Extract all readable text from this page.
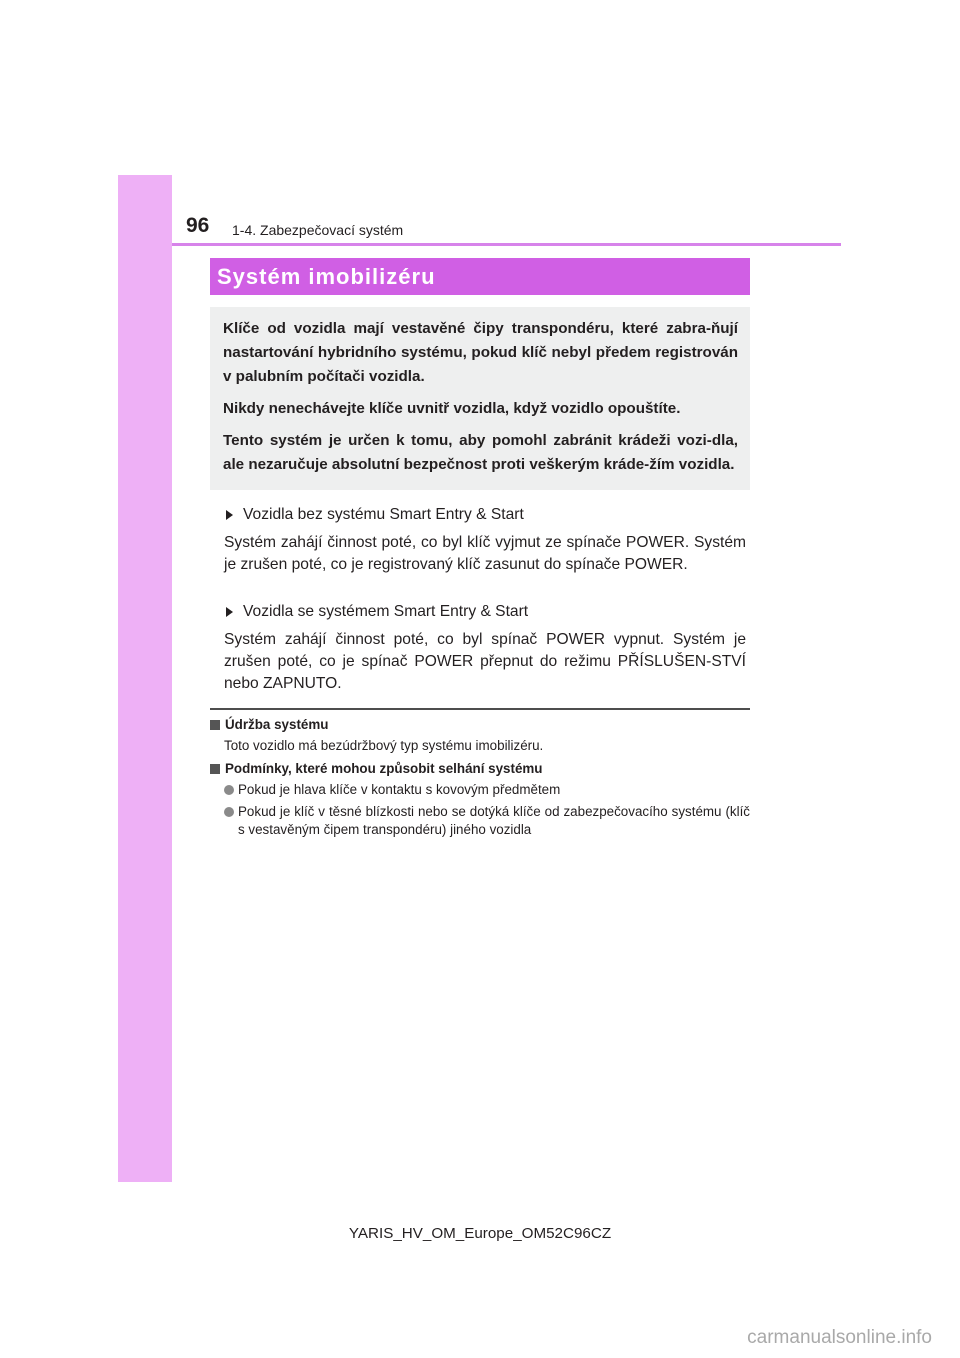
96 1-4. Zabezpečovací systém
Systém imobilizéru

Klíče od vozidla mají vestavěné čipy transpondéru, které zabra-ňují nastartování hybridního systému, pokud klíč nebyl předem registrován v palubním počítači vozidla.

Nikdy nenechávejte klíče uvnitř vozidla, když vozidlo opouštíte.

Tento systém je určen k tomu, aby pomohl zabránit krádeži vozi-dla, ale nezaručuje absolutní bezpečnost proti veškerým kráde-žím vozidla.

Vozidla bez systému Smart Entry & Start

Systém zahájí činnost poté, co byl klíč vyjmut ze spínače POWER. Systém je zrušen poté, co je registrovaný klíč zasunut do spínače POWER.

Vozidla se systémem Smart Entry & Start

Systém zahájí činnost poté, co byl spínač POWER vypnut. Systém je zrušen poté, co je spínač POWER přepnut do režimu PŘÍSLUŠEN-STVÍ nebo ZAPNUTO.

Údržba systému
Toto vozidlo má bezúdržbový typ systému imobilizéru.
Podmínky, které mohou způsobit selhání systému
Pokud je hlava klíče v kontaktu s kovovým předmětem
Pokud je klíč v těsné blízkosti nebo se dotýká klíče od zabezpečovacího systému (klíč s vestavěným čipem transpondéru) jiného vozidla
YARIS_HV_OM_Europe_OM52C96CZ
carmanualsonline.info
